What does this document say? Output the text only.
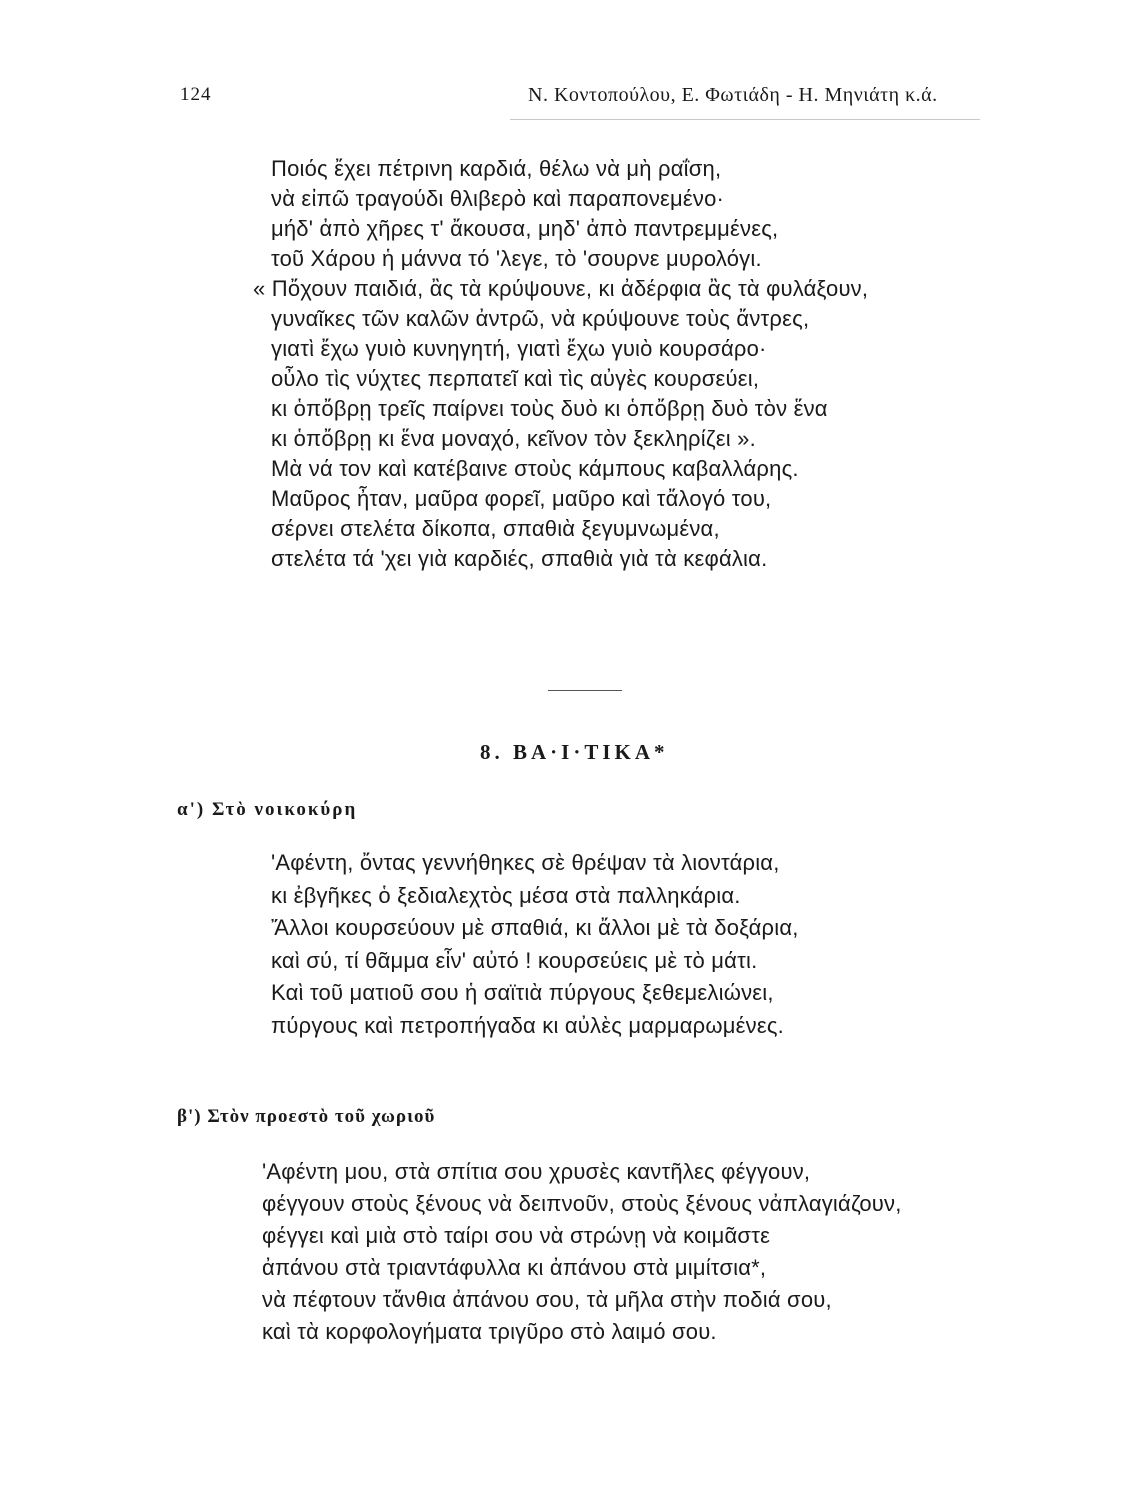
124	Ν. Κοντοπούλου, Ε. Φωτιάδη - Η. Μηνιάτη κ.ά.
Ποιός ἔχει πέτρινη καρδιά, θέλω νὰ μὴ ραΐση,
νὰ εἰπῶ τραγούδι θλιβερὸ καὶ παραπονεμένο·
μήδ' ἀπὸ χῆρες τ' ἄκουσα, μηδ' ἀπὸ παντρεμμένες,
τοῦ Χάρου ἡ μάννα τό 'λεγε, τὸ 'σουρνε μυρολόγι.
« Πὄχουν παιδιά, ἂς τὰ κρύψουνε, κι ἀδέρφια ἂς τὰ φυλάξουν,
γυναῖκες τῶν καλῶν ἀντρῶ, νὰ κρύψουνε τοὺς ἄντρες,
γιατὶ ἔχω γυιὸ κυνηγητή, γιατὶ ἔχω γυιὸ κουρσάρο·
οὖλο τὶς νύχτες περπατεῖ καὶ τὶς αὐγὲς κουρσεύει,
κι ὁπὄβρῃ τρεῖς παίρνει τοὺς δυὸ κι ὁπὄβρῃ δυὸ τὸν ἕνα
κι ὁπὄβρῃ κι ἕνα μοναχό, κεῖνον τὸν ξεκληρίζει ».
Μὰ νά τον καὶ κατέβαινε στοὺς κάμπους καβαλλάρης.
Μαῦρος ἦταν, μαῦρα φορεῖ, μαῦρο καὶ τἄλογό του,
σέρνει στελέτα δίκοπα, σπαθιὰ ξεγυμνωμένα,
στελέτα τά 'χει γιὰ καρδιές, σπαθιὰ γιὰ τὰ κεφάλια.
8. ΒΑ·Ι·ΤΙΚΑ*
α') Στὸ νοικοκύρη
'Αφέντη, ὄντας γεννήθηκες σὲ θρέψαν τὰ λιοντάρια,
κι ἐβγῆκες ὁ ξεδιαλεχτὸς μέσα στὰ παλληκάρια.
Ἄλλοι κουρσεύουν μὲ σπαθιά, κι ἄλλοι μὲ τὰ δοξάρια,
καὶ σύ, τί θᾶμμα εἶν' αὐτό ! κουρσεύεις μὲ τὸ μάτι.
Καὶ τοῦ ματιοῦ σου ἡ σαϊτιὰ πύργους ξεθεμελιώνει,
πύργους καὶ πετροπήγαδα κι αὐλὲς μαρμαρωμένες.
β') Στὸν προεστὸ τοῦ χωριοῦ
'Αφέντη μου, στὰ σπίτια σου χρυσὲς καντῆλες φέγγουν,
φέγγουν στοὺς ξένους νὰ δειπνοῦν, στοὺς ξένους νἀπλαγιάζουν,
φέγγει καὶ μιὰ στὸ ταίρι σου νὰ στρώνῃ νὰ κοιμᾶστε
ἀπάνου στὰ τριαντάφυλλα κι ἀπάνου στὰ μιμίτσια*,
νὰ πέφτουν τἄνθια ἀπάνου σου, τὰ μῆλα στὴν ποδιά σου,
καὶ τὰ κορφολογήματα τριγῦρο στὸ λαιμό σου.
